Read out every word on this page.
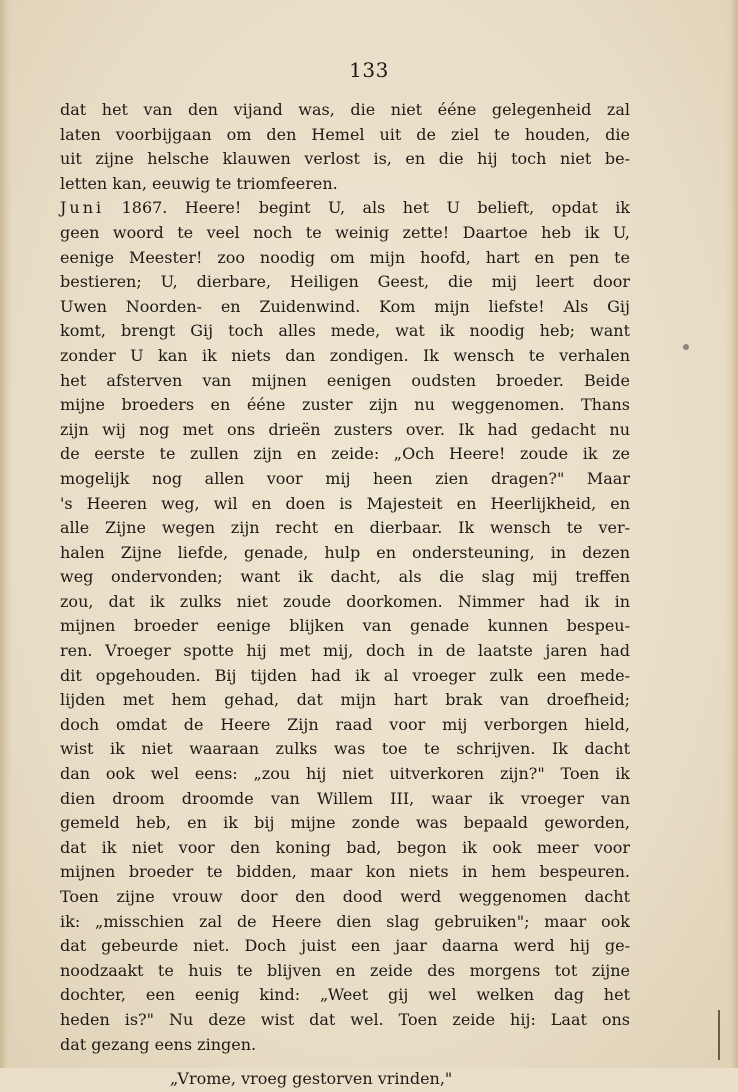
133
dat het van den vijand was, die niet ééne gelegenheid zal
laten voorbijgaan om den Hemel uit de ziel te houden, die
uit zijne helsche klauwen verlost is, en die hij toch niet be-
letten kan, eeuwig te triomfeeren.
Juni 1867. Heere! begint U, als het U belieft, opdat ik
geen woord te veel noch te weinig zette! Daartoe heb ik U,
eenige Meester! zoo noodig om mijn hoofd, hart en pen te
bestieren; U, dierbare, Heiligen Geest, die mij leert door
Uwen Noorden- en Zuidenwind. Kom mijn liefste! Als Gij
komt, brengt Gij toch alles mede, wat ik noodig heb; want
zonder U kan ik niets dan zondigen. Ik wensch te verhalen
het afsterven van mijnen eenigen oudsten broeder. Beide
mijne broeders en ééne zuster zijn nu weggenomen. Thans
zijn wij nog met ons drieën zusters over. Ik had gedacht nu
de eerste te zullen zijn en zeide: „Och Heere! zoude ik ze
mogelijk nog allen voor mij heen zien dragen?" Maar
's Heeren weg, wil en doen is Majesteit en Heerlijkheid, en
alle Zijne wegen zijn recht en dierbaar. Ik wensch te ver-
halen Zijne liefde, genade, hulp en ondersteuning, in dezen
weg ondervonden; want ik dacht, als die slag mij treffen
zou, dat ik zulks niet zoude doorkomen. Nimmer had ik in
mijnen broeder eenige blijken van genade kunnen bespeu-
ren. Vroeger spotte hij met mij, doch in de laatste jaren had
dit opgehouden. Bij tijden had ik al vroeger zulk een mede-
lijden met hem gehad, dat mijn hart brak van droefheid;
doch omdat de Heere Zijn raad voor mij verborgen hield,
wist ik niet waaraan zulks was toe te schrijven. Ik dacht
dan ook wel eens: „zou hij niet uitverkoren zijn?" Toen ik
dien droom droomde van Willem III, waar ik vroeger van
gemeld heb, en ik bij mijne zonde was bepaald geworden,
dat ik niet voor den koning bad, begon ik ook meer voor
mijnen broeder te bidden, maar kon niets in hem bespeuren.
Toen zijne vrouw door den dood werd weggenomen dacht
ik: „misschien zal de Heere dien slag gebruiken"; maar ook
dat gebeurde niet. Doch juist een jaar daarna werd hij ge-
noodzaakt te huis te blijven en zeide des morgens tot zijne
dochter, een eenig kind: „Weet gij wel welken dag het
heden is?" Nu deze wist dat wel. Toen zeide hij: Laat ons
dat gezang eens zingen.
„Vrome, vroeg gestorven vrinden,"
